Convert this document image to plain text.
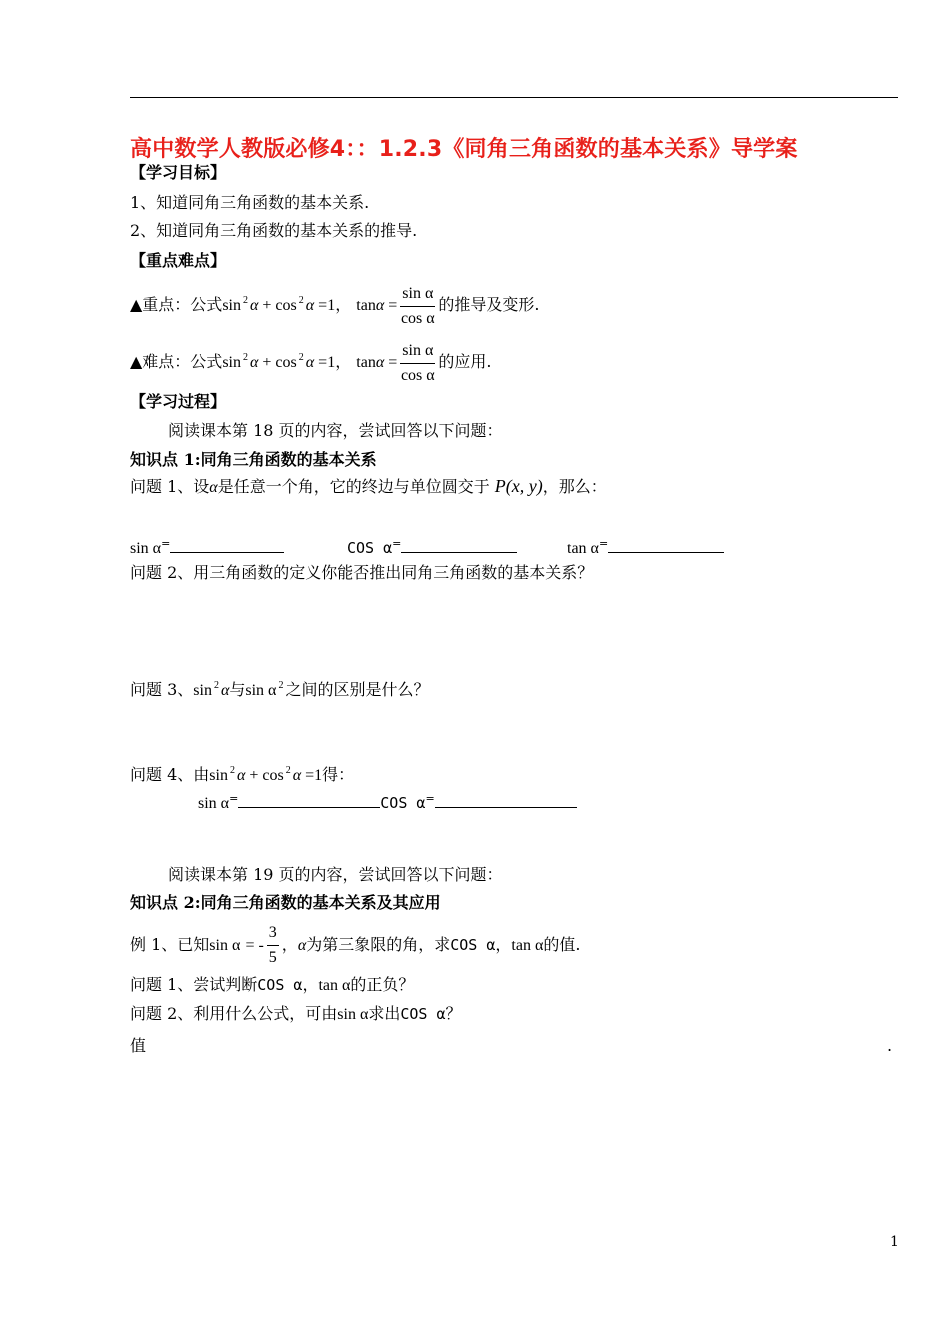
高中数学人教版必修4：：1.2.3《同角三角函数的基本关系》导学案
【学习目标】
1、知道同角三角函数的基本关系.
2、知道同角三角函数的基本关系的推导.
【重点难点】
▲重点：公式sin $^2$ α + cos $^2$ α =1， $\tan\alpha = \frac{\text{sin α}}{\text{cos α}}$ 的推导及变形.
▲难点：公式sin $^2$ α + cos $^2$ α =1， $\tan\alpha = \frac{\text{sin α}}{\text{cos α}}$ 的应用.
【学习过程】
阅读课本第 18 页的内容，尝试回答以下问题：
知识点 1:同角三角函数的基本关系
问题 1、设α是任意一个角，它的终边与单位圆交于 P(x, y)，那么：
sin α=	COS α=	tan α=
问题 2、用三角函数的定义你能否推出同角三角函数的基本关系？
问题 3、sin $^2$ α与sin α $^2$ 之间的区别是什么？
问题 4、由sin $^2$ α + cos $^2$ α =1得：
sin α=	COS α=
阅读课本第 19 页的内容，尝试回答以下问题：
知识点 2:同角三角函数的基本关系及其应用
例 1、已知sin α = - $\frac{3}{5}$ ，α为第三象限的角，求COS α，tan α的值.
问题 1、尝试判断COS α，tan α的正负？
问题 2、利用什么公式，可由sin α求出COS α？
值	.
1
